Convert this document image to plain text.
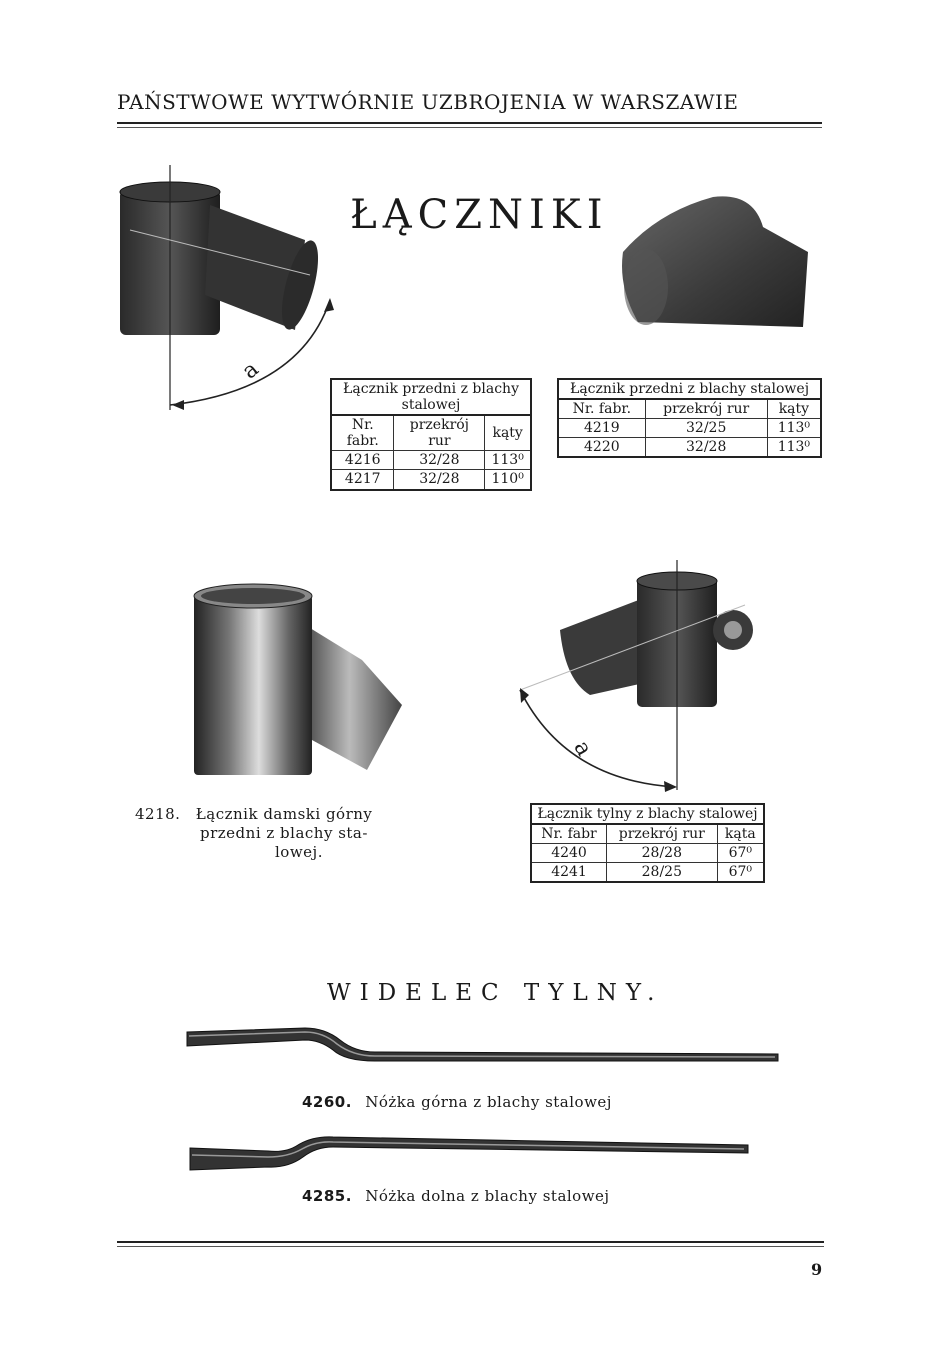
PAŃSTWOWE WYTWÓRNIE UZBROJENIA W WARSZAWIE
a
ŁĄCZNIKI
Łącznik przedni z blachy stalowej		
Nr. fabr.	przekrój rur	kąty
4216	32/28	113⁰
4217	32/28	110⁰
Łącznik przedni z blachy stalowej		
Nr. fabr.	przekrój rur	kąty
4219	32/25	113⁰
4220	32/28	113⁰
4218. Łącznik damski górny
przedni z blachy sta-
lowej.
a
Łącznik tylny z blachy stalowej		
Nr. fabr	przekrój rur	kąta
4240	28/28	67⁰
4241	28/25	67⁰
WIDELEC TYLNY.
4260. Nóżka górna z blachy stalowej
4285. Nóżka dolna z blachy stalowej
9
